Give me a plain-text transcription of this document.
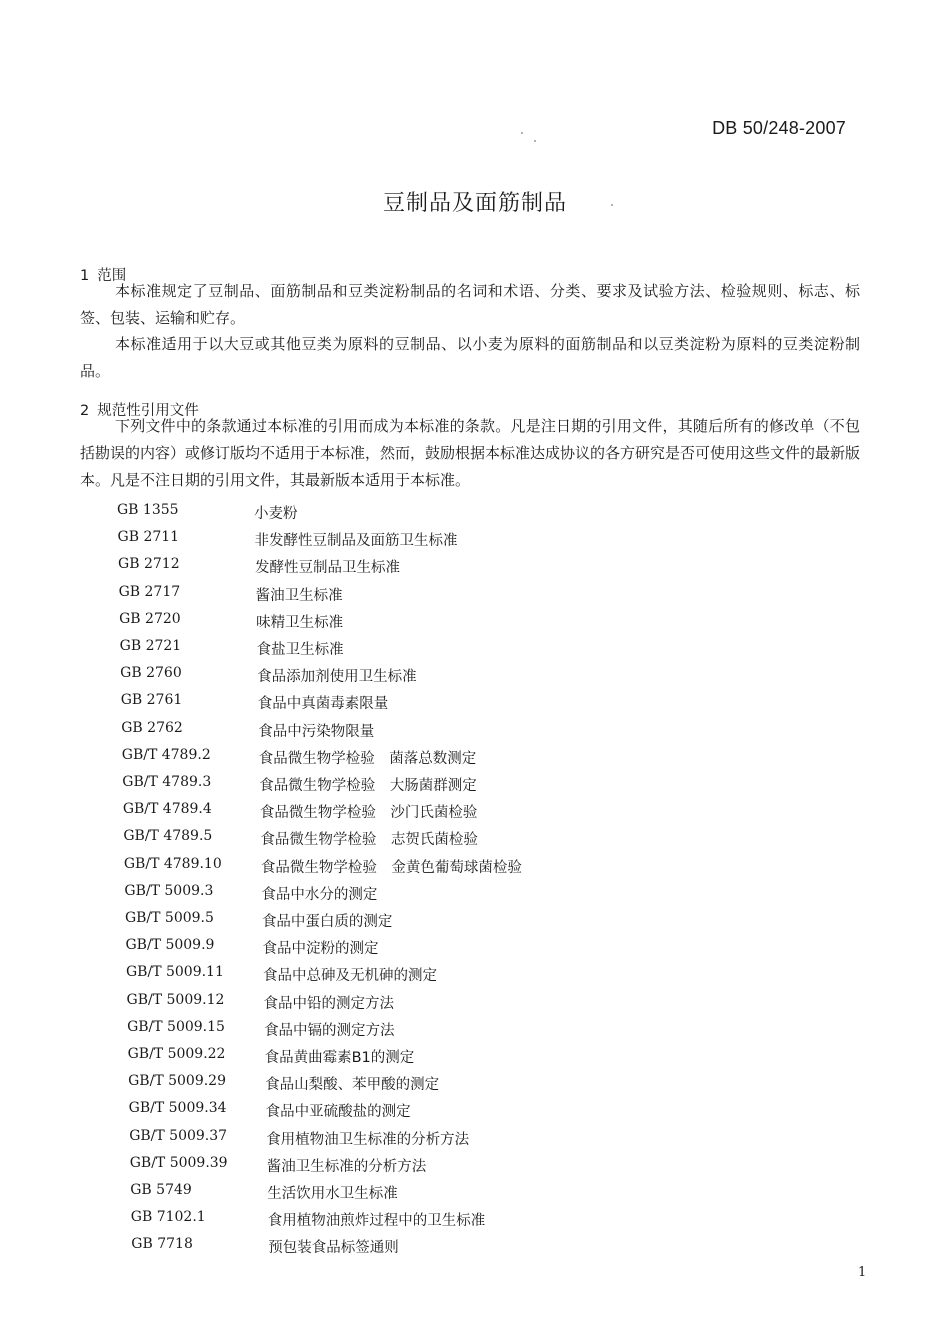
DB 50/248-2007
豆制品及面筋制品
1 范围
本标准规定了豆制品、面筋制品和豆类淀粉制品的名词和术语、分类、要求及试验方法、检验规则、标志、标签、包装、运输和贮存。
本标准适用于以大豆或其他豆类为原料的豆制品、以小麦为原料的面筋制品和以豆类淀粉为原料的豆类淀粉制品。
2 规范性引用文件
下列文件中的条款通过本标准的引用而成为本标准的条款。凡是注日期的引用文件，其随后所有的修改单（不包括勘误的内容）或修订版均不适用于本标准，然而，鼓励根据本标准达成协议的各方研究是否可使用这些文件的最新版本。凡是不注日期的引用文件，其最新版本适用于本标准。
GB 1355	小麦粉
GB 2711	非发酵性豆制品及面筋卫生标准
GB 2712	发酵性豆制品卫生标准
GB 2717	酱油卫生标准
GB 2720	味精卫生标准
GB 2721	食盐卫生标准
GB 2760	食品添加剂使用卫生标准
GB 2761	食品中真菌毒素限量
GB 2762	食品中污染物限量
GB/T 4789.2	食品微生物学检验　菌落总数测定
GB/T 4789.3	食品微生物学检验　大肠菌群测定
GB/T 4789.4	食品微生物学检验　沙门氏菌检验
GB/T 4789.5	食品微生物学检验　志贺氏菌检验
GB/T 4789.10	食品微生物学检验　金黄色葡萄球菌检验
GB/T 5009.3	食品中水分的测定
GB/T 5009.5	食品中蛋白质的测定
GB/T 5009.9	食品中淀粉的测定
GB/T 5009.11	食品中总砷及无机砷的测定
GB/T 5009.12	食品中铅的测定方法
GB/T 5009.15	食品中镉的测定方法
GB/T 5009.22	食品黄曲霉素B1的测定
GB/T 5009.29	食品山梨酸、苯甲酸的测定
GB/T 5009.34	食品中亚硫酸盐的测定
GB/T 5009.37	食用植物油卫生标准的分析方法
GB/T 5009.39	酱油卫生标准的分析方法
GB 5749	生活饮用水卫生标准
GB 7102.1	食用植物油煎炸过程中的卫生标准
GB 7718	预包装食品标签通则
1
